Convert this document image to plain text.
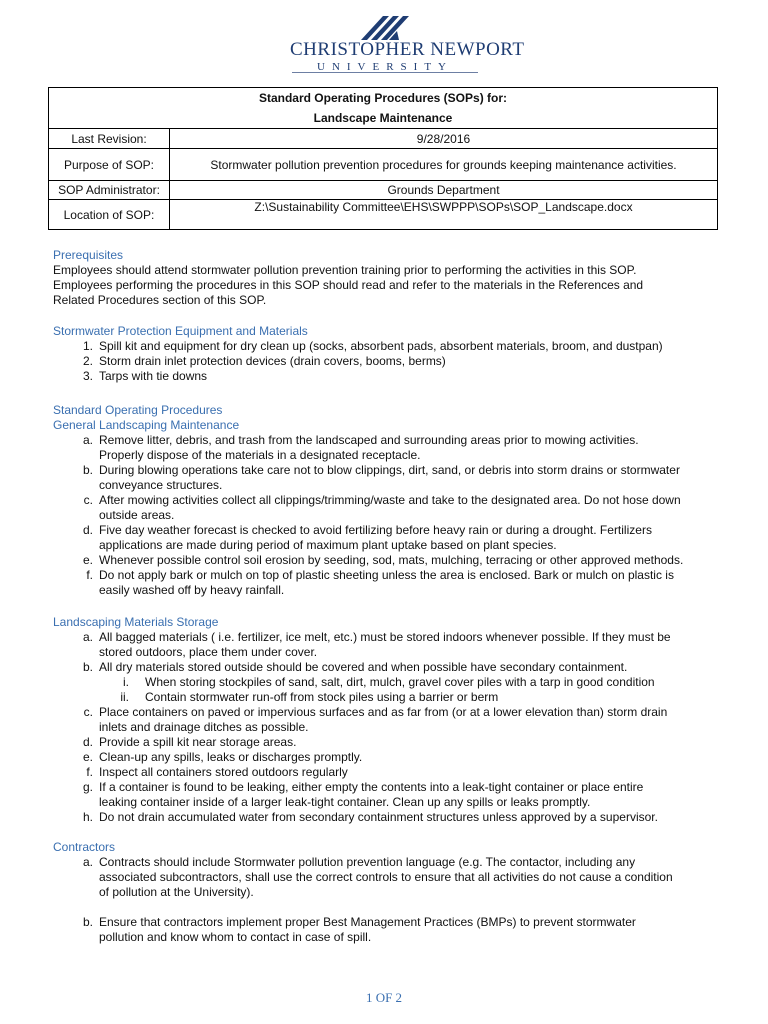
CHRISTOPHER NEWPORT
UNIVERSITY
Standard Operating Procedures (SOPs) for:
Landscape Maintenance	

Last Revision:	9/28/2016
Purpose of SOP:	Stormwater pollution prevention procedures for grounds keeping maintenance activities.
SOP Administrator:	Grounds Department
Location of SOP:	Z:\Sustainability Committee\EHS\SWPPP\SOPs\SOP_Landscape.docx
Prerequisites

Employees should attend stormwater pollution prevention training prior to performing the activities in this SOP.

Employees performing the procedures in this SOP should read and refer to the materials in the References and

Related Procedures section of this SOP.

Stormwater Protection Equipment and Materials
1. Spill kit and equipment for dry clean up (socks, absorbent pads, absorbent materials, broom, and dustpan)
2. Storm drain inlet protection devices (drain covers, booms, berms)
3. Tarps with tie downs
Standard Operating Procedures
General Landscaping Maintenance
a. Remove litter, debris, and trash from the landscaped and surrounding areas prior to mowing activities.
Properly dispose of the materials in a designated receptacle.
b. During blowing operations take care not to blow clippings, dirt, sand, or debris into storm drains or stormwater
conveyance structures.
c. After mowing activities collect all clippings/trimming/waste and take to the designated area. Do not hose down
outside areas.
d. Five day weather forecast is checked to avoid fertilizing before heavy rain or during a drought. Fertilizers
applications are made during period of maximum plant uptake based on plant species.
e. Whenever possible control soil erosion by seeding, sod, mats, mulching, terracing or other approved methods.
f. Do not apply bark or mulch on top of plastic sheeting unless the area is enclosed. Bark or mulch on plastic is
easily washed off by heavy rainfall.
Landscaping Materials Storage
a. All bagged materials ( i.e. fertilizer, ice melt, etc.) must be stored indoors whenever possible. If they must be
stored outdoors, place them under cover.
b. All dry materials stored outside should be covered and when possible have secondary containment.
i. When storing stockpiles of sand, salt, dirt, mulch, gravel cover piles with a tarp in good condition
ii. Contain stormwater run-off from stock piles using a barrier or berm
c. Place containers on paved or impervious surfaces and as far from (or at a lower elevation than) storm drain
inlets and drainage ditches as possible.
d. Provide a spill kit near storage areas.
e. Clean-up any spills, leaks or discharges promptly.
f. Inspect all containers stored outdoors regularly
g. If a container is found to be leaking, either empty the contents into a leak-tight container or place entire
leaking container inside of a larger leak-tight container. Clean up any spills or leaks promptly.
h. Do not drain accumulated water from secondary containment structures unless approved by a supervisor.
Contractors
a. Contracts should include Stormwater pollution prevention language (e.g. The contactor, including any
associated subcontractors, shall use the correct controls to ensure that all activities do not cause a condition
of pollution at the University).
b. Ensure that contractors implement proper Best Management Practices (BMPs) to prevent stormwater
pollution and know whom to contact in case of spill.
1 OF 2
